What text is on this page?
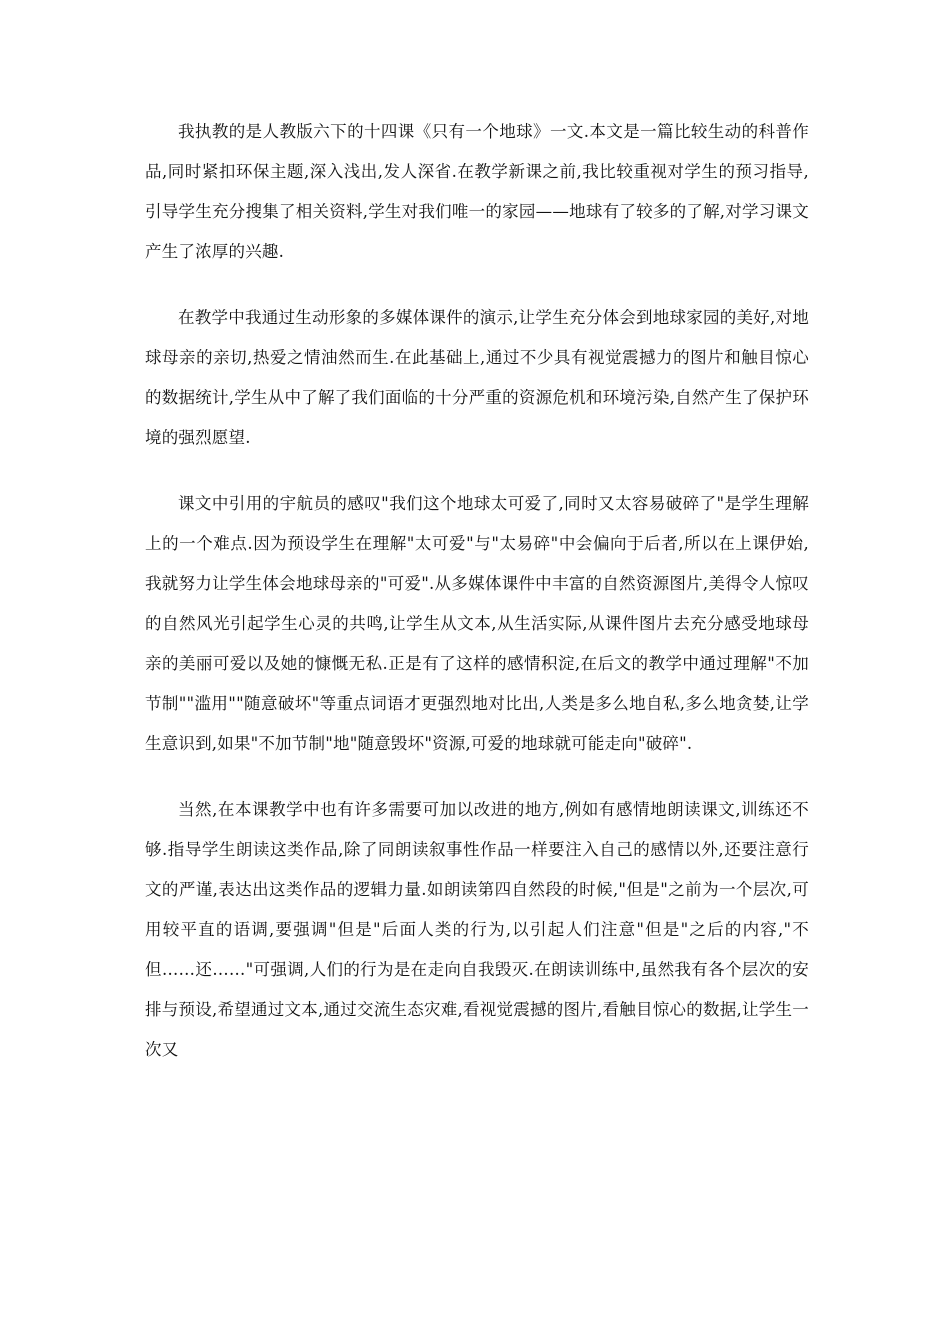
我执教的是人教版六下的十四课《只有一个地球》一文.本文是一篇比较生动的科普作品,同时紧扣环保主题,深入浅出,发人深省.在教学新课之前,我比较重视对学生的预习指导,引导学生充分搜集了相关资料,学生对我们唯一的家园——地球有了较多的了解,对学习课文产生了浓厚的兴趣.

在教学中我通过生动形象的多媒体课件的演示,让学生充分体会到地球家园的美好,对地球母亲的亲切,热爱之情油然而生.在此基础上,通过不少具有视觉震撼力的图片和触目惊心的数据统计,学生从中了解了我们面临的十分严重的资源危机和环境污染,自然产生了保护环境的强烈愿望.

课文中引用的宇航员的感叹"我们这个地球太可爱了,同时又太容易破碎了"是学生理解上的一个难点.因为预设学生在理解"太可爱"与"太易碎"中会偏向于后者,所以在上课伊始,我就努力让学生体会地球母亲的"可爱".从多媒体课件中丰富的自然资源图片,美得令人惊叹的自然风光引起学生心灵的共鸣,让学生从文本,从生活实际,从课件图片去充分感受地球母亲的美丽可爱以及她的慷慨无私.正是有了这样的感情积淀,在后文的教学中通过理解"不加节制""滥用""随意破坏"等重点词语才更强烈地对比出,人类是多么地自私,多么地贪婪,让学生意识到,如果"不加节制"地"随意毁坏"资源,可爱的地球就可能走向"破碎".

当然,在本课教学中也有许多需要可加以改进的地方,例如有感情地朗读课文,训练还不够.指导学生朗读这类作品,除了同朗读叙事性作品一样要注入自己的感情以外,还要注意行文的严谨,表达出这类作品的逻辑力量.如朗读第四自然段的时候,"但是"之前为一个层次,可用较平直的语调,要强调"但是"后面人类的行为,以引起人们注意"但是"之后的内容,"不但……还……"可强调,人们的行为是在走向自我毁灭.在朗读训练中,虽然我有各个层次的安排与预设,希望通过文本,通过交流生态灾难,看视觉震撼的图片,看触目惊心的数据,让学生一次又
